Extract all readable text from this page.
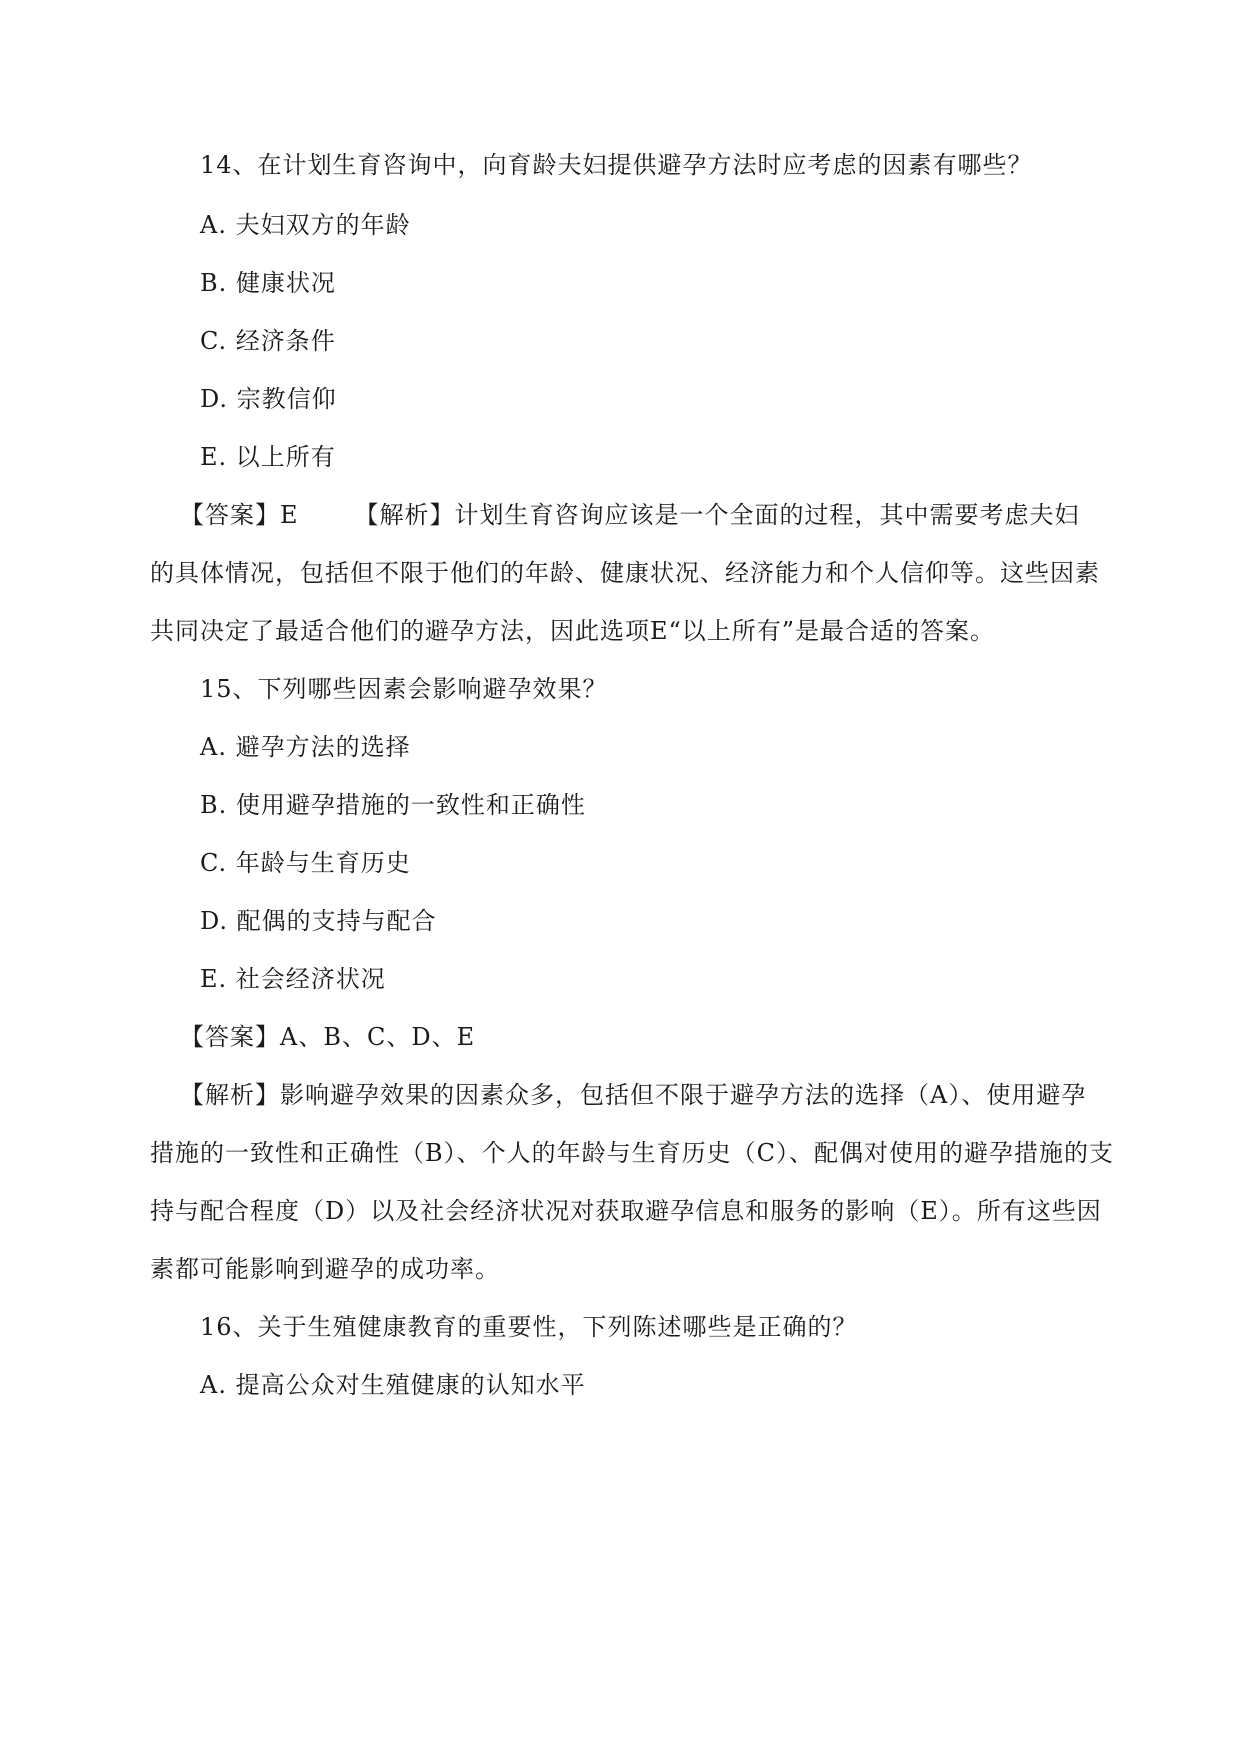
14、在计划生育咨询中，向育龄夫妇提供避孕方法时应考虑的因素有哪些？
A. 夫妇双方的年龄
B. 健康状况
C. 经济条件
D. 宗教信仰
E. 以上所有
【答案】E 【解析】计划生育咨询应该是一个全面的过程，其中需要考虑夫妇
的具体情况，包括但不限于他们的年龄、健康状况、经济能力和个人信仰等。这些因素
共同决定了最适合他们的避孕方法，因此选项E“以上所有”是最合适的答案。
15、下列哪些因素会影响避孕效果？
A. 避孕方法的选择
B. 使用避孕措施的一致性和正确性
C. 年龄与生育历史
D. 配偶的支持与配合
E. 社会经济状况
【答案】A、B、C、D、E
【解析】影响避孕效果的因素众多，包括但不限于避孕方法的选择（A）、使用避孕
措施的一致性和正确性（B）、个人的年龄与生育历史（C）、配偶对使用的避孕措施的支
持与配合程度（D）以及社会经济状况对获取避孕信息和服务的影响（E）。所有这些因
素都可能影响到避孕的成功率。
16、关于生殖健康教育的重要性，下列陈述哪些是正确的？
A. 提高公众对生殖健康的认知水平
